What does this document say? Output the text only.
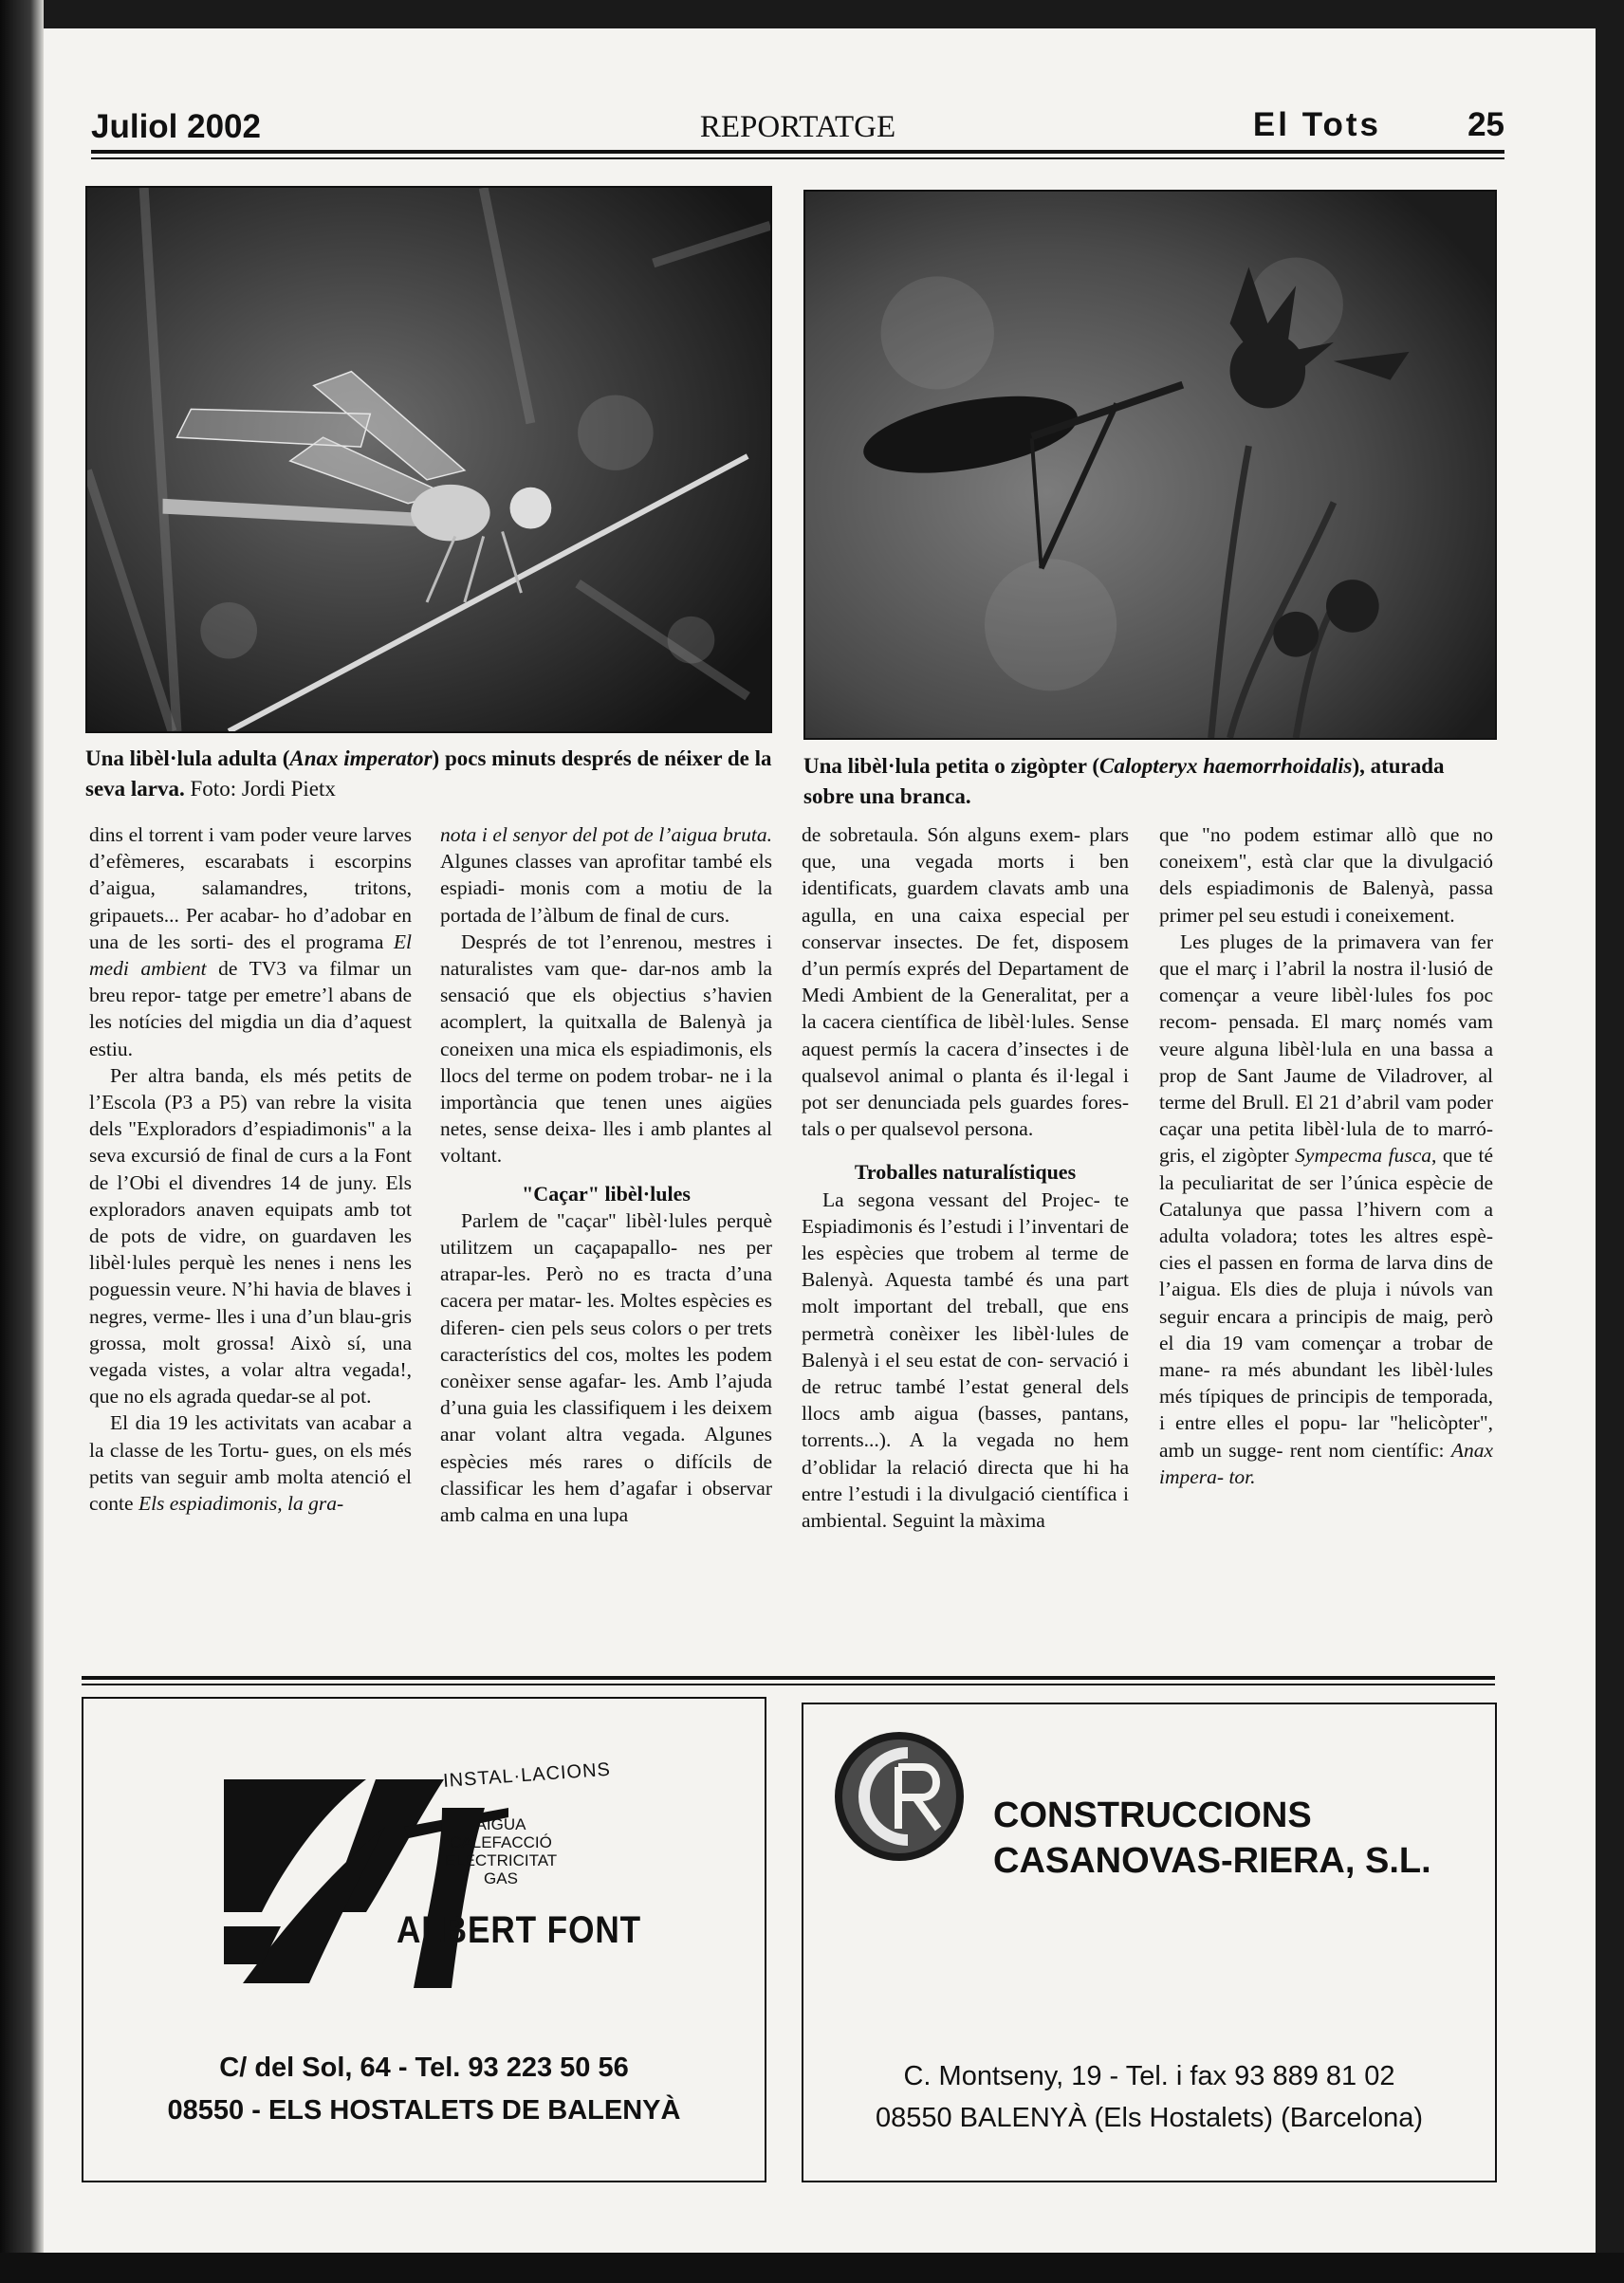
Juliol 2002	REPORTATGE	El Tots	25
Una libèl·lula adulta (Anax imperator) pocs minuts després de néixer de la seva larva. Foto: Jordi Pietx
Una libèl·lula petita o zigòpter (Calopteryx haemorrhoidalis), aturada sobre una branca.

dins el torrent i vam poder veure larves d’efèmeres, escarabats i escorpins d’aigua, salamandres, tritons, gripauets... Per acabar- ho d’adobar en una de les sorti- des el programa El medi ambient de TV3 va filmar un breu repor- tatge per emetre’l abans de les notícies del migdia un dia d’aquest estiu.

Per altra banda, els més petits de l’Escola (P3 a P5) van rebre la visita dels "Exploradors d’espiadimonis" a la seva excursió de final de curs a la Font de l’Obi el divendres 14 de juny. Els exploradors anaven equipats amb tot de pots de vidre, on guardaven les libèl·lules perquè les nenes i nens les poguessin veure. N’hi havia de blaves i negres, verme- lles i una d’un blau-gris grossa, molt grossa! Això sí, una vegada vistes, a volar altra vegada!, que no els agrada quedar-se al pot.

El dia 19 les activitats van acabar a la classe de les Tortu- gues, on els més petits van seguir amb molta atenció el conte Els espiadimonis, la gra-

nota i el senyor del pot de l’aigua bruta. Algunes classes van aprofitar també els espiadi- monis com a motiu de la portada de l’àlbum de final de curs.

Després de tot l’enrenou, mestres i naturalistes vam que- dar-nos amb la sensació que els objectius s’havien acomplert, la quitxalla de Balenyà ja coneixen una mica els espiadimonis, els llocs del terme on podem trobar- ne i la importància que tenen unes aigües netes, sense deixa- lles i amb plantes al voltant.

"Caçar" libèl·lules

Parlem de "caçar" libèl·lules perquè utilitzem un caçapapallo- nes per atrapar-les. Però no es tracta d’una cacera per matar- les. Moltes espècies es diferen- cien pels seus colors o per trets característics del cos, moltes les podem conèixer sense agafar- les. Amb l’ajuda d’una guia les classifiquem i les deixem anar volant altra vegada. Algunes espècies més rares o difícils de classificar les hem d’agafar i observar amb calma en una lupa

de sobretaula. Són alguns exem- plars que, una vegada morts i ben identificats, guardem clavats amb una agulla, en una caixa especial per conservar insectes. De fet, disposem d’un permís exprés del Departament de Medi Ambient de la Generalitat, per a la cacera científica de libèl·lules. Sense aquest permís la cacera d’insectes i de qualsevol animal o planta és il·legal i pot ser denunciada pels guardes fores- tals o per qualsevol persona.

Troballes naturalístiques

La segona vessant del Projec- te Espiadimonis és l’estudi i l’inventari de les espècies que trobem al terme de Balenyà. Aquesta també és una part molt important del treball, que ens permetrà conèixer les libèl·lules de Balenyà i el seu estat de con- servació i de retruc també l’estat general dels llocs amb aigua (basses, pantans, torrents...). A la vegada no hem d’oblidar la relació directa que hi ha entre l’estudi i la divulgació científica i ambiental. Seguint la màxima

que "no podem estimar allò que no coneixem", està clar que la divulgació dels espiadimonis de Balenyà, passa primer pel seu estudi i coneixement.

Les pluges de la primavera van fer que el març i l’abril la nostra il·lusió de començar a veure libèl·lules fos poc recom- pensada. El març només vam veure alguna libèl·lula en una bassa a prop de Sant Jaume de Viladrover, al terme del Brull. El 21 d’abril vam poder caçar una petita libèl·lula de to marró- gris, el zigòpter Sympecma fusca, que té la peculiaritat de ser l’única espècie de Catalunya que passa l’hivern com a adulta voladora; totes les altres espè- cies el passen en forma de larva dins de l’aigua. Els dies de pluja i núvols van seguir encara a principis de maig, però el dia 19 vam començar a trobar de mane- ra més abundant les libèl·lules més típiques de principis de temporada, i entre elles el popu- lar "helicòpter", amb un sugge- rent nom científic: Anax impera- tor.

INSTAL·LACIONS
AIGUA
CALEFACCIÓ
ELECTRICITAT
GAS
ALBERT FONT
C/ del Sol, 64 - Tel. 93 223 50 56
08550 - ELS HOSTALETS DE BALENYÀ
CONSTRUCCIONS
CASANOVAS-RIERA, S.L.
C. Montseny, 19 - Tel. i fax 93 889 81 02
08550 BALENYÀ (Els Hostalets) (Barcelona)
